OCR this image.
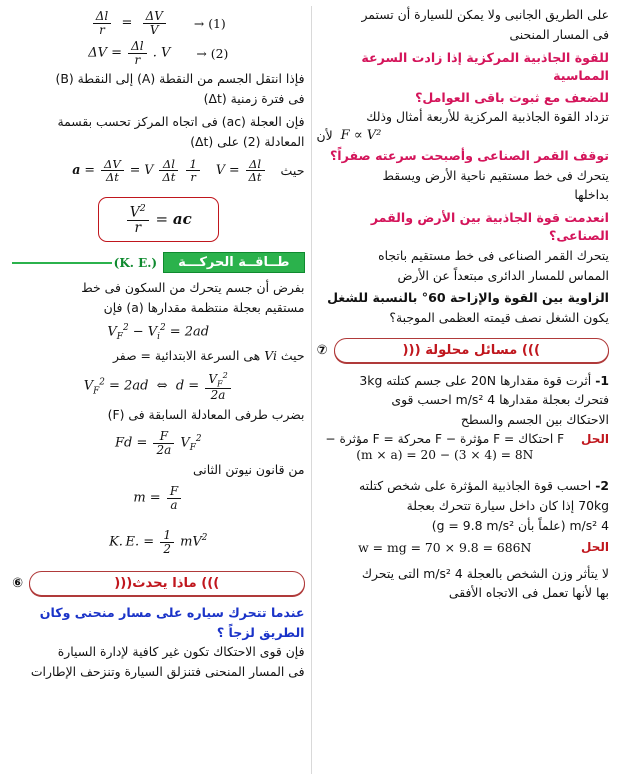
على الطريق الجانبى ولا يمكن للسيارة أن تستمر

فى المسار المنحنى

للقوة الجاذبية المركزية إذا زادت السرعة المماسية

للضعف مع ثبوت باقى العوامل؟

تزداد القوة الجاذبية المركزية للأربعة أمثال وذلك

F ∝ V²
لأن

توقف القمر الصناعى وأصبحت سرعته صفراً؟

يتحرك فى خط مستقيم ناحية الأرض ويسقط

بداخلها

انعدمت قوة الجاذبية بين الأرض والقمر الصناعى؟

يتحرك القمر الصناعى فى خط مستقيم باتجاه

المماس للمسار الدائرى مبتعداً عن الأرض

الزاوية بين القوة والإزاحة 60° بالنسبة للشغل

يكون الشغل نصف قيمته العظمى الموجبة؟

))) مسائل محلولة (((
⑦
1-
أثرت قوة مقدارها 20N على جسم كتلته 3kg
فتحرك بعجلة مقدارها 4 m/s² احسب قوى
الاحتكاك بين الجسم والسطح
الحل
F احتكاك = F مؤثرة − F محركة = F مؤثرة −
(m × a) = 20 − (3 × 4) = 8N
2-
احسب قوة الجاذبية المؤثرة على شخص كتلته
70kg إذا كان داخل سيارة تتحرك بعجلة
4 m/s² (علماً بأن g = 9.8 m/s²)
الحل
w = mg = 70 × 9.8 = 686N

لا يتأثر وزن الشخص بالعجلة 4 m/s² التى يتحرك

بها لأنها تعمل فى الاتجاه الأفقى

$\frac{\Delta l}{r} = \frac{\Delta V}{V} \to (1)$
$\Delta V = \frac{\Delta l}{r}$ . V → (2)

فإذا انتقل الجسم من النقطة (A) إلى النقطة (B)

فى فترة زمنية (Δt)

فإن العجلة (ac) فى اتجاه المركز تحسب بقسمة

المعادلة (2) على (Δt)

حيث
$V = \frac{\Delta l}{\Delta t}$
$a = \frac{\Delta V}{\Delta t} = V \frac{\Delta l}{\Delta t}$
$\frac{1}{r}$
ac =
$\frac{V^2}{r}$
طــاقــة الحركـــة
(K. E.)

بفرض أن جسم يتحرك من السكون فى خط

مستقيم بعجلة منتظمة مقدارها (a) فإن

$V_F^2 - V_i^2 = 2ad$
حيث
Vi
هى السرعة الابتدائية = صفر
$V_F^2 = 2ad$  ⇔  $d = \frac{V_F^2}{2a}$

بضرب طرفى المعادلة السابقة فى (F)

$Fd = \frac{F}{2a} V_F^2$

من قانون نيوتن الثانى

$m = \frac{F}{a}$
K. E. = $\frac{1}{2} mV^2$
))) ماذا يحدث(((
⑥

عندما تتحرك سياره على مسار منحنى وكان

الطريق لزجاً ؟

فإن قوى الاحتكاك تكون غير كافية لإدارة السيارة

فى المسار المنحنى فتنزلق السيارة وتنزحف الإطارات
